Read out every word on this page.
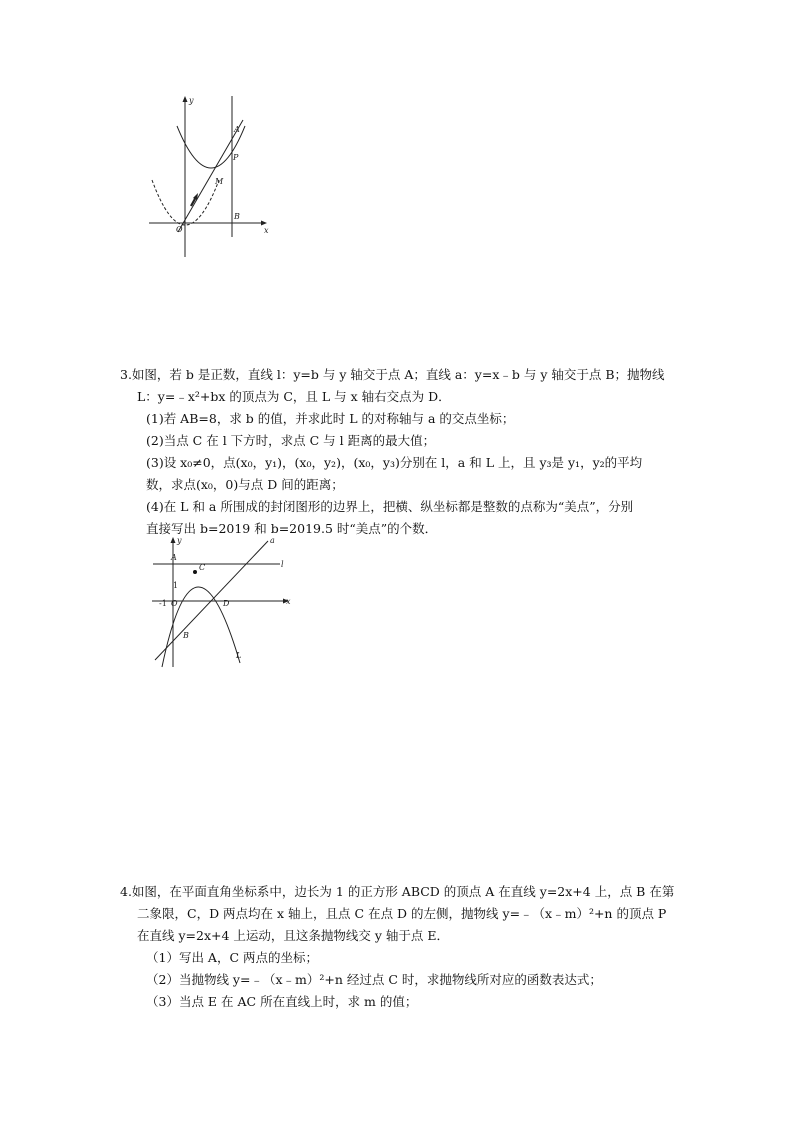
y
x
O
A
P
M
B
3.如图，若 b 是正数，直线 l：y=b 与 y 轴交于点 A；直线 a：y=x﹣b 与 y 轴交于点 B；抛物线
L：y=﹣x²+bx 的顶点为 C，且 L 与 x 轴右交点为 D．
(1)若 AB=8，求 b 的值，并求此时 L 的对称轴与 a 的交点坐标；
(2)当点 C 在 l 下方时，求点 C 与 l 距离的最大值；
(3)设 x₀≠0，点(x₀，y₁)，(x₀，y₂)，(x₀，y₃)分别在 l，a 和 L 上，且 y₃是 y₁，y₂的平均
数，求点(x₀，0)与点 D 间的距离；
(4)在 L 和 a 所围成的封闭图形的边界上，把横、纵坐标都是整数的点称为“美点”，分别
直接写出 b=2019 和 b=2019.5 时“美点”的个数．
y
x
a
l
A
C
1
-1 O	D
B
L
4.如图，在平面直角坐标系中，边长为 1 的正方形 ABCD 的顶点 A 在直线 y=2x+4 上，点 B 在第
二象限，C，D 两点均在 x 轴上，且点 C 在点 D 的左侧，抛物线 y=﹣（x﹣m）²+n 的顶点 P
在直线 y=2x+4 上运动，且这条抛物线交 y 轴于点 E．
（1）写出 A，C 两点的坐标；
（2）当抛物线 y=﹣（x﹣m）²+n 经过点 C 时，求抛物线所对应的函数表达式；
（3）当点 E 在 AC 所在直线上时，求 m 的值；
